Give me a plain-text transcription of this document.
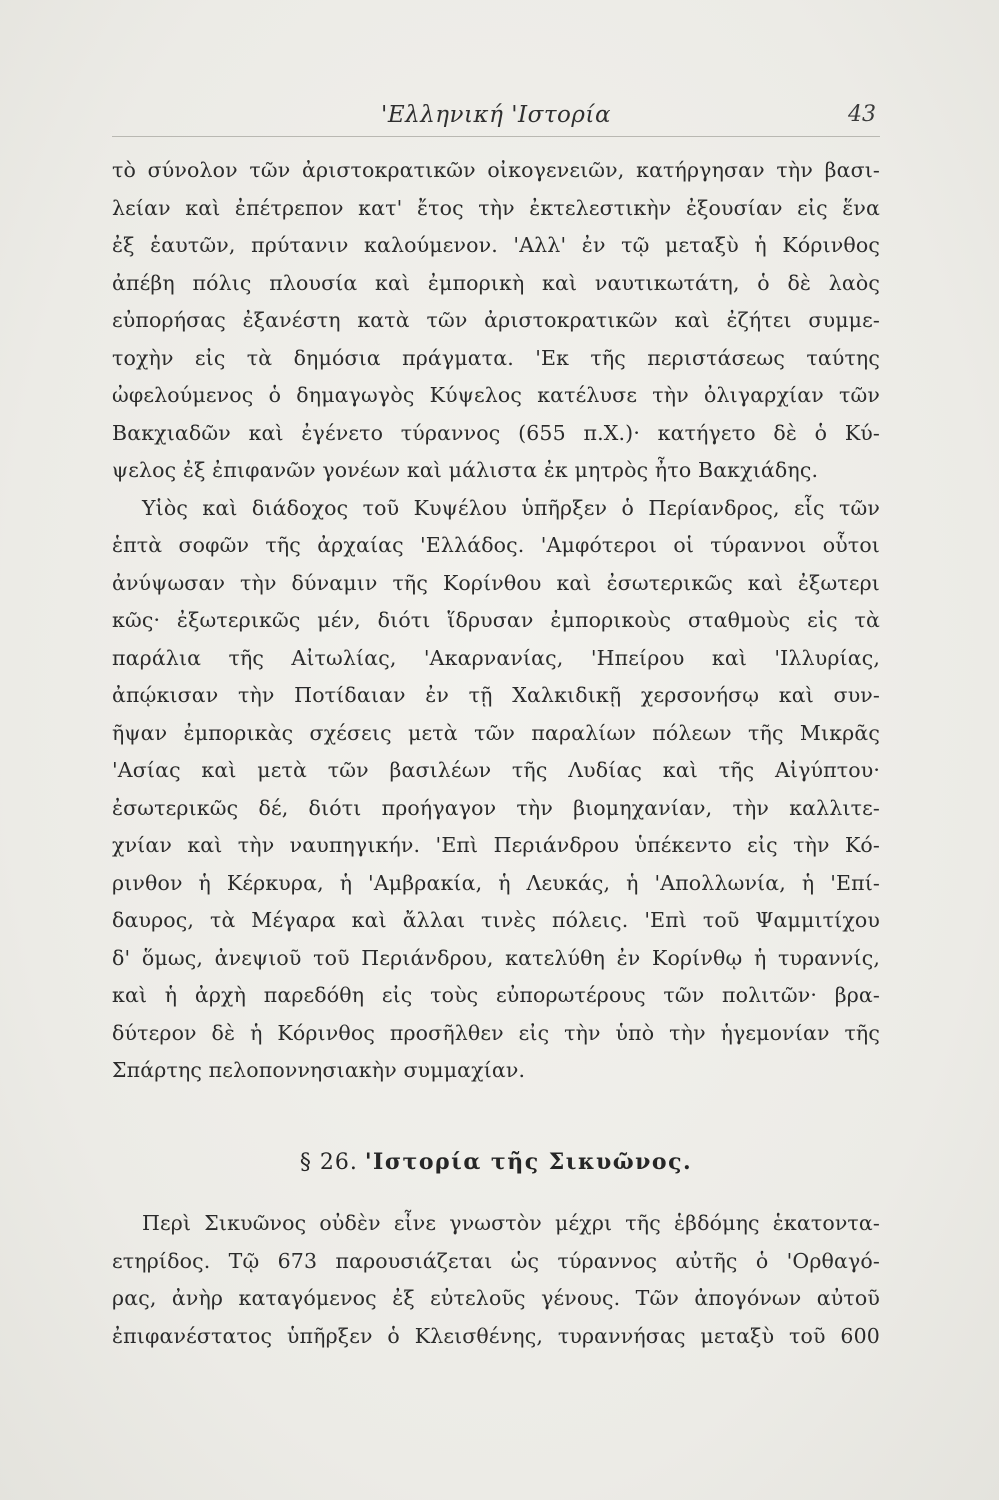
'Ελληνική 'Ιστορία	43
τὸ σύνολον τῶν ἀριστοκρατικῶν οἰκογενειῶν, κατήργησαν τὴν βασι-
λείαν καὶ ἐπέτρεπον κατ' ἔτος τὴν ἐκτελεστικὴν ἐξουσίαν εἰς ἕνα
ἐξ ἑαυτῶν, πρύτανιν καλούμενον. 'Αλλ' ἐν τῷ μεταξὺ ἡ Κόρινθος
ἀπέβη πόλις πλουσία καὶ ἐμπορικὴ καὶ ναυτικωτάτη, ὁ δὲ λαὸς
εὐπορήσας ἐξανέστη κατὰ τῶν ἀριστοκρατικῶν καὶ ἐζήτει συμμε-
τοχὴν εἰς τὰ δημόσια πράγματα. 'Εκ τῆς περιστάσεως ταύτης
ὠφελούμενος ὁ δημαγωγὸς Κύψελος κατέλυσε τὴν ὀλιγαρχίαν τῶν
Βακχιαδῶν καὶ ἐγένετο τύραννος (655 π.Χ.)· κατήγετο δὲ ὁ Κύ-
ψελος ἐξ ἐπιφανῶν γονέων καὶ μάλιστα ἐκ μητρὸς ἦτο Βακχιάδης.
Υἱὸς καὶ διάδοχος τοῦ Κυψέλου ὑπῆρξεν ὁ Περίανδρος, εἷς τῶν
ἑπτὰ σοφῶν τῆς ἀρχαίας 'Ελλάδος. 'Αμφότεροι οἱ τύραννοι οὗτοι
ἀνύψωσαν τὴν δύναμιν τῆς Κορίνθου καὶ ἐσωτερικῶς καὶ ἐξωτερι
κῶς· ἐξωτερικῶς μέν, διότι ἵδρυσαν ἐμπορικοὺς σταθμοὺς εἰς τὰ
παράλια τῆς Αἰτωλίας, 'Ακαρνανίας, 'Ηπείρου καὶ 'Ιλλυρίας,
ἀπῴκισαν τὴν Ποτίδαιαν ἐν τῇ Χαλκιδικῇ χερσονήσῳ καὶ συν-
ῆψαν ἐμπορικὰς σχέσεις μετὰ τῶν παραλίων πόλεων τῆς Μικρᾶς
'Ασίας καὶ μετὰ τῶν βασιλέων τῆς Λυδίας καὶ τῆς Αἰγύπτου·
ἐσωτερικῶς δέ, διότι προήγαγον τὴν βιομηχανίαν, τὴν καλλιτε-
χνίαν καὶ τὴν ναυπηγικήν. 'Επὶ Περιάνδρου ὑπέκεντο εἰς τὴν Κό-
ρινθον ἡ Κέρκυρα, ἡ 'Αμβρακία, ἡ Λευκάς, ἡ 'Απολλωνία, ἡ 'Επί-
δαυρος, τὰ Μέγαρα καὶ ἄλλαι τινὲς πόλεις. 'Επὶ τοῦ Ψαμμιτίχου
δ' ὅμως, ἀνεψιοῦ τοῦ Περιάνδρου, κατελύθη ἐν Κορίνθῳ ἡ τυραννίς,
καὶ ἡ ἀρχὴ παρεδόθη εἰς τοὺς εὐπορωτέρους τῶν πολιτῶν· βρα-
δύτερον δὲ ἡ Κόρινθος προσῆλθεν εἰς τὴν ὑπὸ τὴν ἡγεμονίαν τῆς
Σπάρτης πελοποννησιακὴν συμμαχίαν.
§ 26. 'Ιστορία τῆς Σικυῶνος.
Περὶ Σικυῶνος οὐδὲν εἶνε γνωστὸν μέχρι τῆς ἑβδόμης ἑκατοντα-
ετηρίδος. Τῷ 673 παρουσιάζεται ὡς τύραννος αὐτῆς ὁ 'Ορθαγό-
ρας, ἀνὴρ καταγόμενος ἐξ εὐτελοῦς γένους. Τῶν ἀπογόνων αὐτοῦ
ἐπιφανέστατος ὑπῆρξεν ὁ Κλεισθένης, τυραννήσας μεταξὺ τοῦ 600
